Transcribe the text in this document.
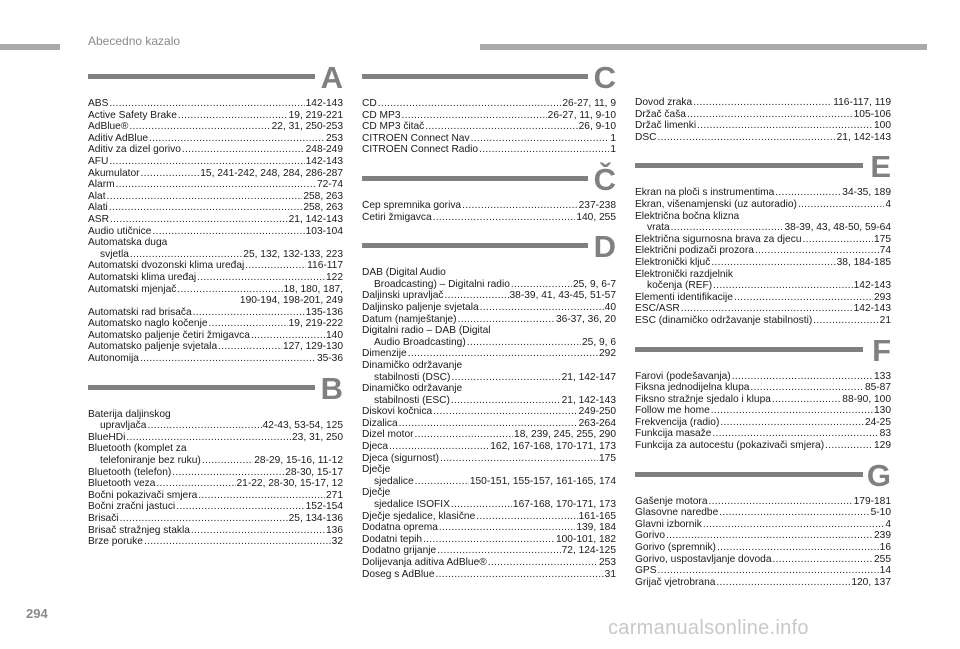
Abecedno kazalo
A
ABS .....	142-143
Active Safety Brake .....	19, 219-221
AdBlue® .....	22, 31, 250-253
Aditiv AdBlue .....	253
Aditiv za dizel gorivo .....	248-249
AFU .....	142-143
Akumulator .....	15, 241-242, 248, 284, 286-287
Alarm .....	72-74
Alat .....	258, 263
Alati .....	258, 263
ASR .....	21, 142-143
Audio utičnice .....	103-104
Automatska duga
svjetla .....	25, 132, 132-133, 223
Automatski dvozonski klima uređaj .....	116-117
Automatski klima uređaj .....	122
Automatski mjenjač .....	18, 180, 187,
190-194, 198-201, 249
Automatski rad brisača .....	135-136
Automatsko naglo kočenje .....	19, 219-222
Automatsko paljenje četiri žmigavca .....	140
Automatsko paljenje svjetala .....	127, 129-130
Autonomija .....	35-36
B
Baterija daljinskog
upravljača .....	42-43, 53-54, 125
BlueHDi .....	23, 31, 250
Bluetooth (komplet za
telefoniranje bez ruku) .....	28-29, 15-16, 11-12
Bluetooth (telefon) .....	28-30, 15-17
Bluetooth veza .....	21-22, 28-30, 15-17, 12
Bočni pokazivači smjera .....	271
Bočni zračni jastuci .....	152-154
Brisači .....	25, 134-136
Brisač stražnjeg stakla .....	136
Brze poruke .....	32
C
CD .....	26-27, 11, 9
CD MP3 .....	26-27, 11, 9-10
CD MP3 čitač .....	26, 9-10
CITROËN Connect Nav .....	1
CITROËN Connect Radio .....	1
Č
Čep spremnika goriva .....	237-238
Četiri žmigavca .....	140, 255
D
DAB (Digital Audio
Broadcasting) – Digitalni radio .....	25, 9, 6-7
Daljinski upravljač .....	38-39, 41, 43-45, 51-57
Daljinsko paljenje svjetala .....	40
Datum (namještanje) .....	36-37, 36, 20
Digitalni radio – DAB (Digital
Audio Broadcasting) .....	25, 9, 6
Dimenzije .....	292
Dinamičko održavanje
stabilnosti (DSC) .....	21, 142-147
Dinamičko održavanje
stabilnosti (ESC) .....	21, 142-143
Diskovi kočnica .....	249-250
Dizalica .....	263-264
Dizel motor .....	18, 239, 245, 255, 290
Djeca .....	162, 167-168, 170-171, 173
Djeca (sigurnost) .....	175
Dječje
sjedalice .....	150-151, 155-157, 161-165, 174
Dječje
sjedalice ISOFIX .....	167-168, 170-171, 173
Dječje sjedalice, klasične .....	161-165
Dodatna oprema .....	139, 184
Dodatni tepih .....	100-101, 182
Dodatno grijanje .....	72, 124-125
Dolijevanja aditiva AdBlue® .....	253
Doseg s AdBlue .....	31
Dovod zraka .....	116-117, 119
Držač čaša .....	105-106
Držač limenki .....	100
DSC .....	21, 142-143
E
Ekran na ploči s instrumentima .....	34-35, 189
Ekran, višenamjenski (uz autoradio) .....	4
Električna bočna klizna
vrata .....	38-39, 43, 48-50, 59-64
Električna sigurnosna brava za djecu .....	175
Električni podizači prozora .....	74
Elektronički ključ .....	38, 184-185
Elektronički razdjelnik
kočenja (REF) .....	142-143
Elementi identifikacije .....	293
ESC/ASR .....	142-143
ESC (dinamičko održavanje stabilnosti) .....	21
F
Farovi (podešavanja) .....	133
Fiksna jednodijelna klupa .....	85-87
Fiksno stražnje sjedalo i klupa .....	88-90, 100
Follow me home .....	130
Frekvencija (radio) .....	24-25
Funkcija masaže .....	83
Funkcija za autocestu (pokazivači smjera) .....	129
G
Gašenje motora .....	179-181
Glasovne naredbe .....	5-10
Glavni izbornik .....	4
Gorivo .....	239
Gorivo (spremnik) .....	16
Gorivo, uspostavljanje dovoda .....	255
GPS .....	14
Grijač vjetrobrana .....	120, 137
294
carmanualsonline.info
